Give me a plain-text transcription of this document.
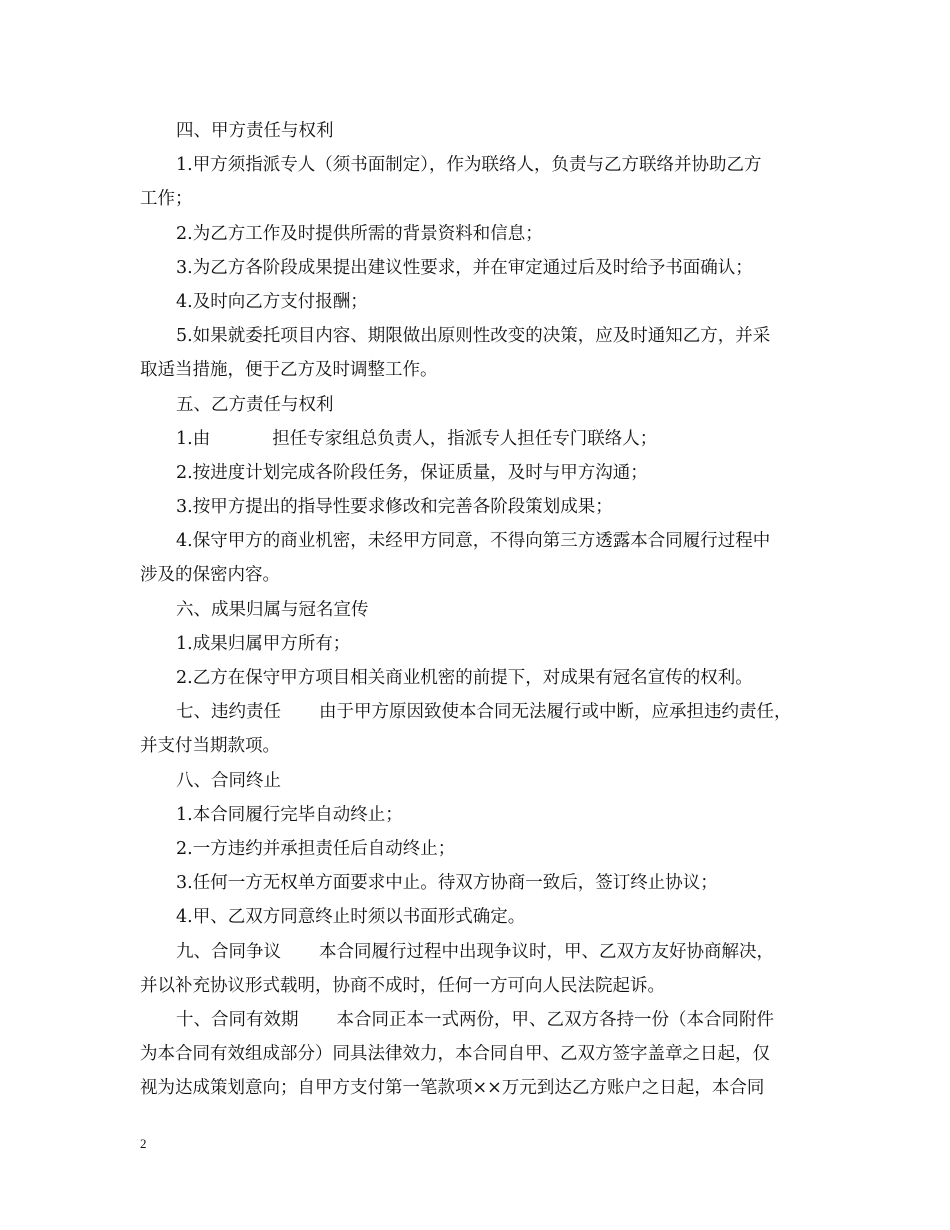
四、甲方责任与权利
1.甲方须指派专人（须书面制定），作为联络人，负责与乙方联络并协助乙方
工作；
2.为乙方工作及时提供所需的背景资料和信息；
3.为乙方各阶段成果提出建议性要求，并在审定通过后及时给予书面确认；
4.及时向乙方支付报酬；
5.如果就委托项目内容、期限做出原则性改变的决策，应及时通知乙方，并采
取适当措施，便于乙方及时调整工作。
五、乙方责任与权利
1.由	担任专家组总负责人，指派专人担任专门联络人；
2.按进度计划完成各阶段任务，保证质量，及时与甲方沟通；
3.按甲方提出的指导性要求修改和完善各阶段策划成果；
4.保守甲方的商业机密，未经甲方同意，不得向第三方透露本合同履行过程中
涉及的保密内容。
六、成果归属与冠名宣传
1.成果归属甲方所有；
2.乙方在保守甲方项目相关商业机密的前提下，对成果有冠名宣传的权利。
七、违约责任 由于甲方原因致使本合同无法履行或中断，应承担违约责任，
并支付当期款项。
八、合同终止
1.本合同履行完毕自动终止；
2.一方违约并承担责任后自动终止；
3.任何一方无权单方面要求中止。待双方协商一致后，签订终止协议；
4.甲、乙双方同意终止时须以书面形式确定。
九、合同争议 本合同履行过程中出现争议时，甲、乙双方友好协商解决，
并以补充协议形式载明，协商不成时，任何一方可向人民法院起诉。
十、合同有效期 本合同正本一式两份，甲、乙双方各持一份（本合同附件
为本合同有效组成部分）同具法律效力，本合同自甲、乙双方签字盖章之日起，仅
视为达成策划意向；自甲方支付第一笔款项××万元到达乙方账户之日起，本合同
2
